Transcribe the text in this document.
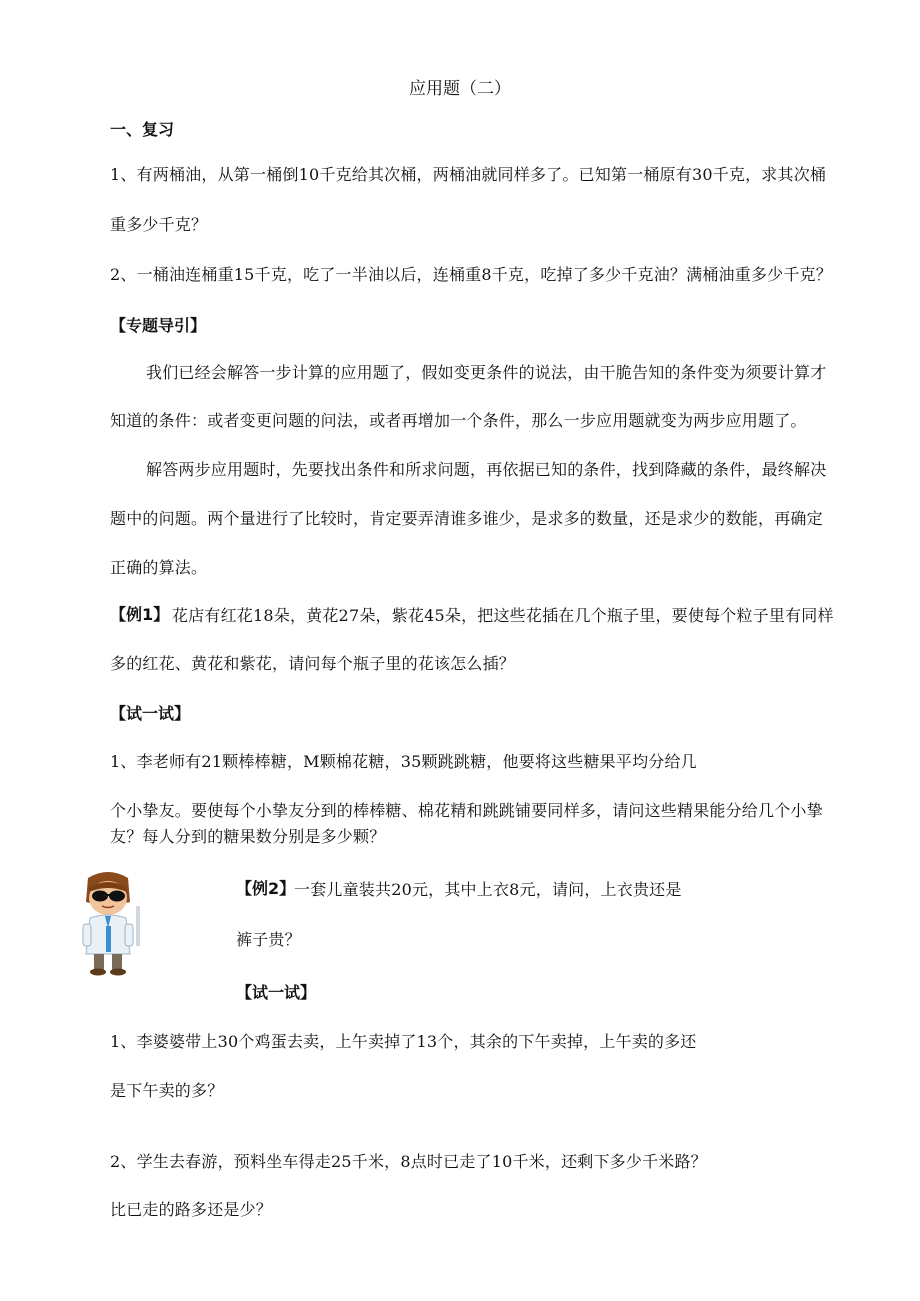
应用题（二）
一、复习
1、有两桶油，从第一桶倒10千克给其次桶，两桶油就同样多了。已知第一桶原有30千克，求其次桶
重多少千克？
2、一桶油连桶重15千克，吃了一半油以后，连桶重8千克，吃掉了多少千克油？满桶油重多少千克？
【专题导引】
我们已经会解答一步计算的应用题了，假如变更条件的说法，由干脆告知的条件变为须要计算才
知道的条件：或者变更问题的问法，或者再增加一个条件，那么一步应用题就变为两步应用题了。
解答两步应用题时，先要找出条件和所求问题，再依据已知的条件，找到降藏的条件，最终解决
题中的问题。两个量进行了比较时，肯定要弄清谁多谁少，是求多的数量，还是求少的数能，再确定
正确的算法。
【例1】 花店有红花18朵，黄花27朵，紫花45朵，把这些花插在几个瓶子里，要使每个粒子里有同样
多的红花、黄花和紫花，请问每个瓶子里的花该怎么插？
【试一试】
1、李老师有21颗棒棒糖，M颗棉花糖，35颗跳跳糖，他要将这些糖果平均分给几
个小挚友。要使每个小挚友分到的棒棒糖、棉花精和跳跳铺要同样多，请问这些精果能分给几个小挚
友？每人分到的糖果数分别是多少颗？
【例2】
一套儿童装共20元，其中上衣8元，请问，上衣贵还是
裤子贵？
【试一试】
1、李婆婆带上30个鸡蛋去卖，上午卖掉了13个，其余的下午卖掉，上午卖的多还
是下午卖的多？
2、学生去春游，预料坐车得走25千米，8点时已走了10千米，还剩下多少千米路？
比已走的路多还是少？
